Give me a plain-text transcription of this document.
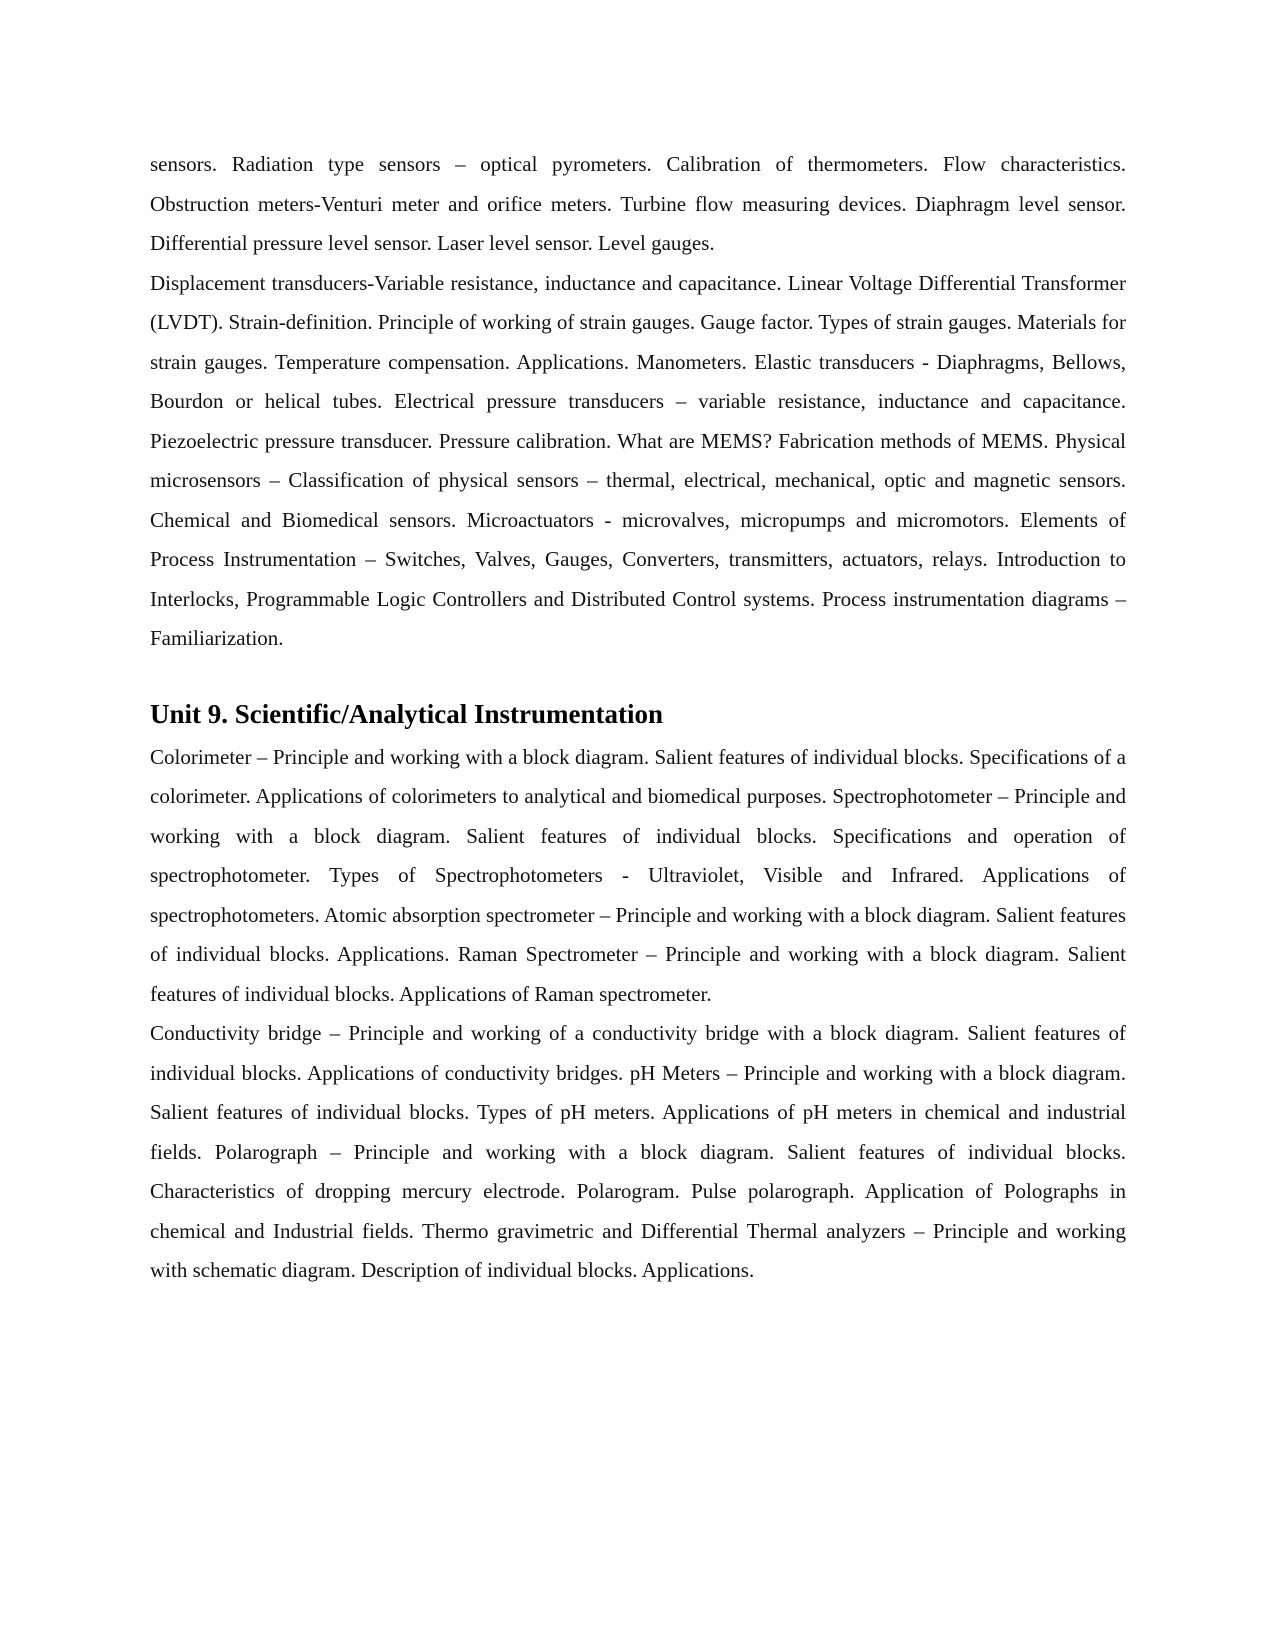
sensors. Radiation type sensors – optical pyrometers. Calibration of thermometers. Flow characteristics. Obstruction meters-Venturi meter and orifice meters. Turbine flow measuring devices. Diaphragm level sensor. Differential pressure level sensor. Laser level sensor. Level gauges.

Displacement transducers-Variable resistance, inductance and capacitance. Linear Voltage Differential Transformer (LVDT). Strain-definition. Principle of working of strain gauges. Gauge factor. Types of strain gauges. Materials for strain gauges. Temperature compensation. Applications. Manometers. Elastic transducers - Diaphragms, Bellows, Bourdon or helical tubes. Electrical pressure transducers – variable resistance, inductance and capacitance. Piezoelectric pressure transducer. Pressure calibration. What are MEMS? Fabrication methods of MEMS. Physical microsensors – Classification of physical sensors – thermal, electrical, mechanical, optic and magnetic sensors. Chemical and Biomedical sensors. Microactuators - microvalves, micropumps and micromotors. Elements of Process Instrumentation – Switches, Valves, Gauges, Converters, transmitters, actuators, relays. Introduction to Interlocks, Programmable Logic Controllers and Distributed Control systems. Process instrumentation diagrams – Familiarization.

Unit 9. Scientific/Analytical Instrumentation

Colorimeter – Principle and working with a block diagram. Salient features of individual blocks. Specifications of a colorimeter. Applications of colorimeters to analytical and biomedical purposes. Spectrophotometer – Principle and working with a block diagram. Salient features of individual blocks. Specifications and operation of spectrophotometer. Types of Spectrophotometers - Ultraviolet, Visible and Infrared. Applications of spectrophotometers. Atomic absorption spectrometer – Principle and working with a block diagram. Salient features of individual blocks. Applications. Raman Spectrometer – Principle and working with a block diagram. Salient features of individual blocks. Applications of Raman spectrometer.

Conductivity bridge – Principle and working of a conductivity bridge with a block diagram. Salient features of individual blocks. Applications of conductivity bridges. pH Meters – Principle and working with a block diagram. Salient features of individual blocks. Types of pH meters. Applications of pH meters in chemical and industrial fields. Polarograph – Principle and working with a block diagram. Salient features of individual blocks. Characteristics of dropping mercury electrode. Polarogram. Pulse polarograph. Application of Polographs in chemical and Industrial fields. Thermo gravimetric and Differential Thermal analyzers – Principle and working with schematic diagram. Description of individual blocks. Applications.
